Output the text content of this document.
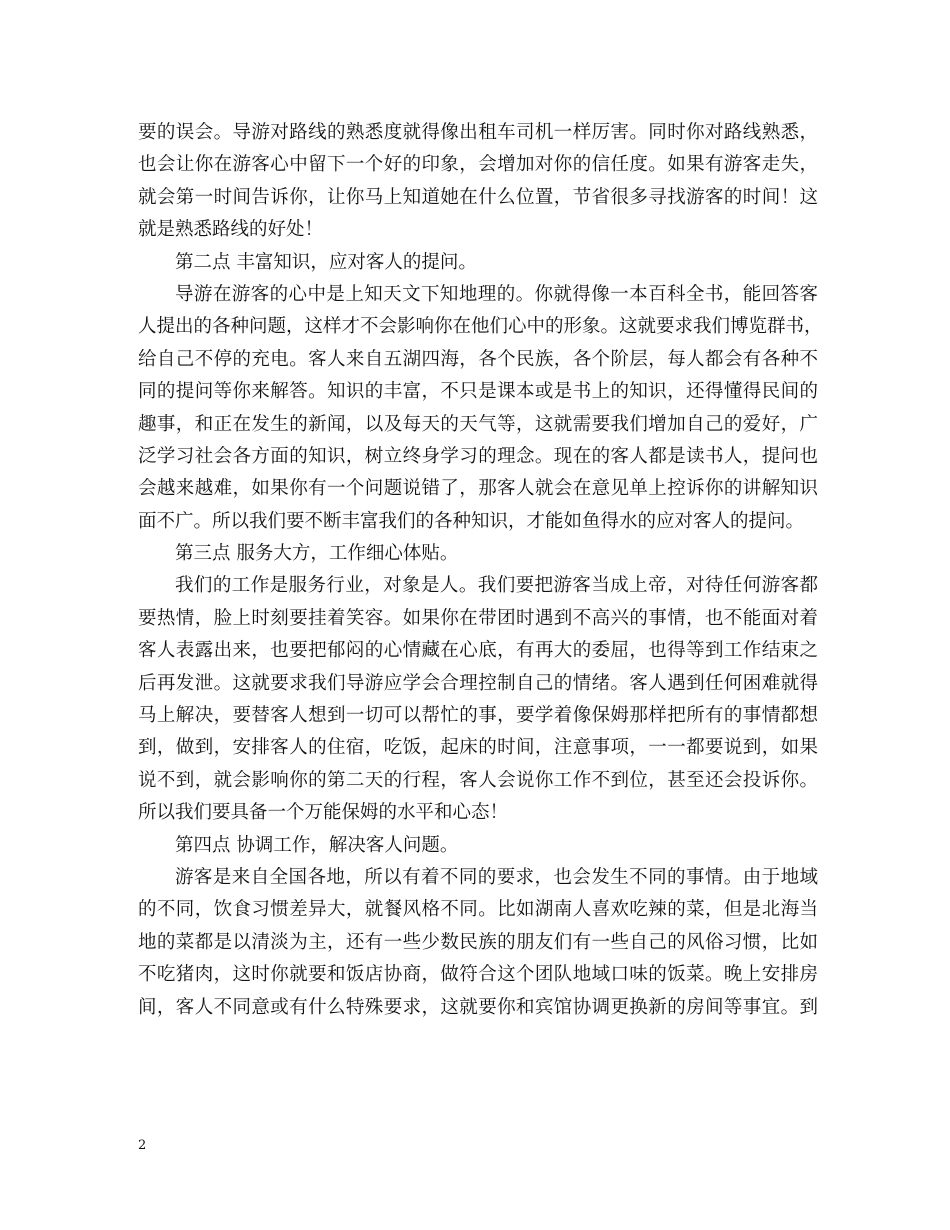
要的误会。导游对路线的熟悉度就得像出租车司机一样厉害。同时你对路线熟悉，
也会让你在游客心中留下一个好的印象，会增加对你的信任度。如果有游客走失，
就会第一时间告诉你，让你马上知道她在什么位置，节省很多寻找游客的时间！这
就是熟悉路线的好处！
第二点 丰富知识，应对客人的提问。
导游在游客的心中是上知天文下知地理的。你就得像一本百科全书，能回答客
人提出的各种问题，这样才不会影响你在他们心中的形象。这就要求我们博览群书，
给自己不停的充电。客人来自五湖四海，各个民族，各个阶层，每人都会有各种不
同的提问等你来解答。知识的丰富，不只是课本或是书上的知识，还得懂得民间的
趣事，和正在发生的新闻，以及每天的天气等，这就需要我们增加自己的爱好，广
泛学习社会各方面的知识，树立终身学习的理念。现在的客人都是读书人，提问也
会越来越难，如果你有一个问题说错了，那客人就会在意见单上控诉你的讲解知识
面不广。所以我们要不断丰富我们的各种知识，才能如鱼得水的应对客人的提问。
第三点 服务大方，工作细心体贴。
我们的工作是服务行业，对象是人。我们要把游客当成上帝，对待任何游客都
要热情，脸上时刻要挂着笑容。如果你在带团时遇到不高兴的事情，也不能面对着
客人表露出来，也要把郁闷的心情藏在心底，有再大的委屈，也得等到工作结束之
后再发泄。这就要求我们导游应学会合理控制自己的情绪。客人遇到任何困难就得
马上解决，要替客人想到一切可以帮忙的事，要学着像保姆那样把所有的事情都想
到，做到，安排客人的住宿，吃饭，起床的时间，注意事项，一一都要说到，如果
说不到，就会影响你的第二天的行程，客人会说你工作不到位，甚至还会投诉你。
所以我们要具备一个万能保姆的水平和心态！
第四点 协调工作，解决客人问题。
游客是来自全国各地，所以有着不同的要求，也会发生不同的事情。由于地域
的不同，饮食习惯差异大，就餐风格不同。比如湖南人喜欢吃辣的菜，但是北海当
地的菜都是以清淡为主，还有一些少数民族的朋友们有一些自己的风俗习惯，比如
不吃猪肉，这时你就要和饭店协商，做符合这个团队地域口味的饭菜。晚上安排房
间，客人不同意或有什么特殊要求，这就要你和宾馆协调更换新的房间等事宜。到
2
